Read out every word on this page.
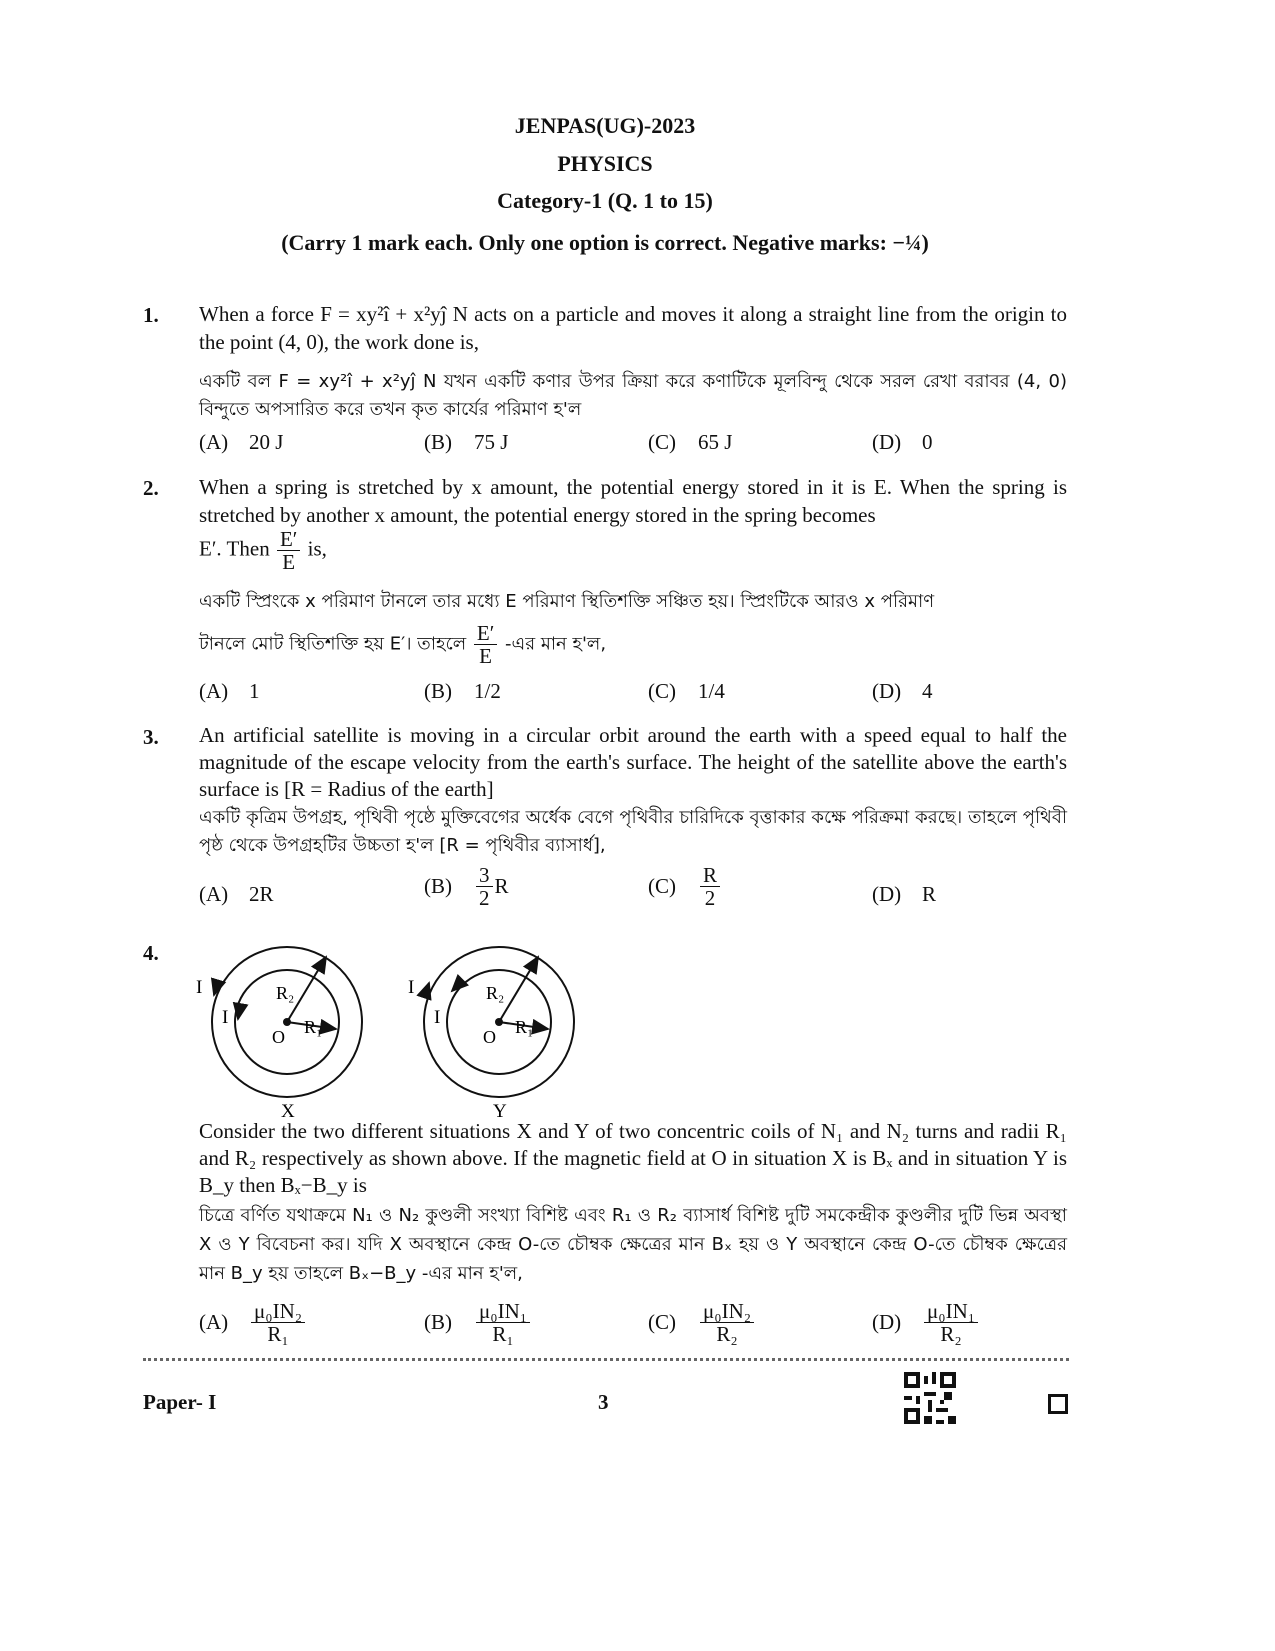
JENPAS(UG)-2023
PHYSICS
Category-1 (Q. 1 to 15)
(Carry 1 mark each. Only one option is correct. Negative marks: −¼)
1. When a force F = xy²î + x²yĵ N acts on a particle and moves it along a straight line from the origin to the point (4, 0), the work done is,
একটি বল F = xy²î + x²yĵ N যখন একটি কণার উপর ক্রিয়া করে কণাটিকে মূলবিন্দু থেকে সরল রেখা বরাবর (4, 0) বিন্দুতে অপসারিত করে তখন কৃত কার্যের পরিমাণ হ'ল
(A) 20 J	(B) 75 J	(C) 65 J	(D) 0
2. When a spring is stretched by x amount, the potential energy stored in it is E. When the spring is stretched by another x amount, the potential energy stored in the spring becomes
E′. Then $\frac{E'}{E}$ is,
একটি স্প্রিংকে x পরিমাণ টানলে তার মধ্যে E পরিমাণ স্থিতিশক্তি সঞ্চিত হয়। স্প্রিংটিকে আরও x পরিমাণ
টানলে মোট স্থিতিশক্তি হয় E′। তাহলে $\frac{E'}{E}$ -এর মান হ'ল,
(A) 1	(B) 1/2	(C) 1/4	(D) 4
3. An artificial satellite is moving in a circular orbit around the earth with a speed equal to half the magnitude of the escape velocity from the earth's surface. The height of the satellite above the earth's surface is [R = Radius of the earth]
একটি কৃত্রিম উপগ্রহ, পৃথিবী পৃষ্ঠে মুক্তিবেগের অর্ধেক বেগে পৃথিবীর চারিদিকে বৃত্তাকার কক্ষে পরিক্রমা করছে। তাহলে পৃথিবী পৃষ্ঠ থেকে উপগ্রহটির উচ্চতা হ'ল [R = পৃথিবীর ব্যাসার্ধ],
(A) 2R	$(B) \frac{3}{2}$ R	$(C) \frac{R}{2}$	(D) R
4.
I
I
R₂
R₁
O
X
I
I
R₂
R₁
O
Y
Consider the two different situations X and Y of two concentric coils of N₁ and N₂ turns and radii R₁ and R₂ respectively as shown above. If the magnetic field at O in situation X is Bₓ and in situation Y is B_y then Bₓ−B_y is
চিত্রে বর্ণিত যথাক্রমে N₁ ও N₂ কুণ্ডলী সংখ্যা বিশিষ্ট এবং R₁ ও R₂ ব্যাসার্ধ বিশিষ্ট দুটি সমকেন্দ্রীক কুণ্ডলীর দুটি ভিন্ন অবস্থা X ও Y বিবেচনা কর। যদি X অবস্থানে কেন্দ্র O-তে চৌম্বক ক্ষেত্রের মান Bₓ হয় ও Y অবস্থানে কেন্দ্র O-তে চৌম্বক ক্ষেত্রের মান B_y হয় তাহলে Bₓ−B_y -এর মান হ'ল,
$(A) \frac{\text{μ₀IN₂}}{\text{R₁}}$	$(B) \frac{\text{μ₀IN₁}}{\text{R₁}}$	$(C) \frac{\text{μ₀IN₂}}{\text{R₂}}$	$(D) \frac{\text{μ₀IN₁}}{\text{R₂}}$
Paper- I	3
